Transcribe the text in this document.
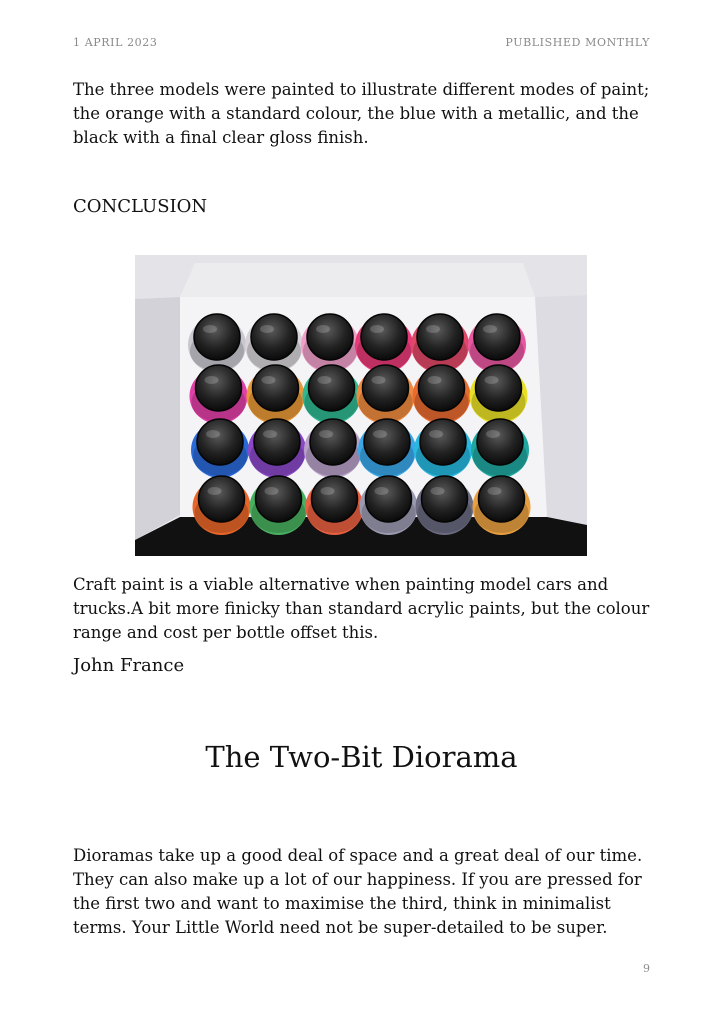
1 APRIL 2023	PUBLISHED MONTHLY

The three models were painted to illustrate different modes of paint; the orange with a standard colour, the blue with a metallic, and the black with a final clear gloss finish.

CONCLUSION

Craft paint is a viable alternative when painting model cars and trucks.A bit more finicky than standard acrylic paints, but the colour range and cost per bottle offset this.

John France

The Two-Bit Diorama

Dioramas take up a good deal of space and a great deal of our time. They can also make up a lot of our happiness. If you are pressed for the first two and want to maximise the third, think in minimalist terms. Your Little World need not be super-detailed to be super.

9
